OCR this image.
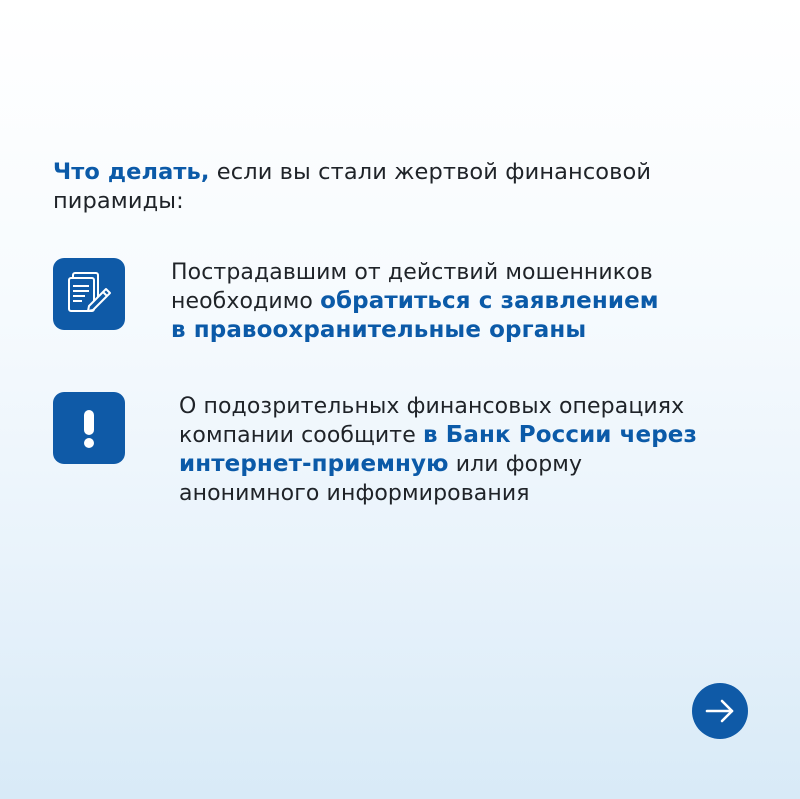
Что делать, если вы стали жертвой финансовой пирамиды:
Пострадавшим от действий мошенников
необходимо обратиться с заявлением
в правоохранительные органы
О подозрительных финансовых операциях
компании сообщите в Банк России через
интернет-приемную или форму
анонимного информирования
